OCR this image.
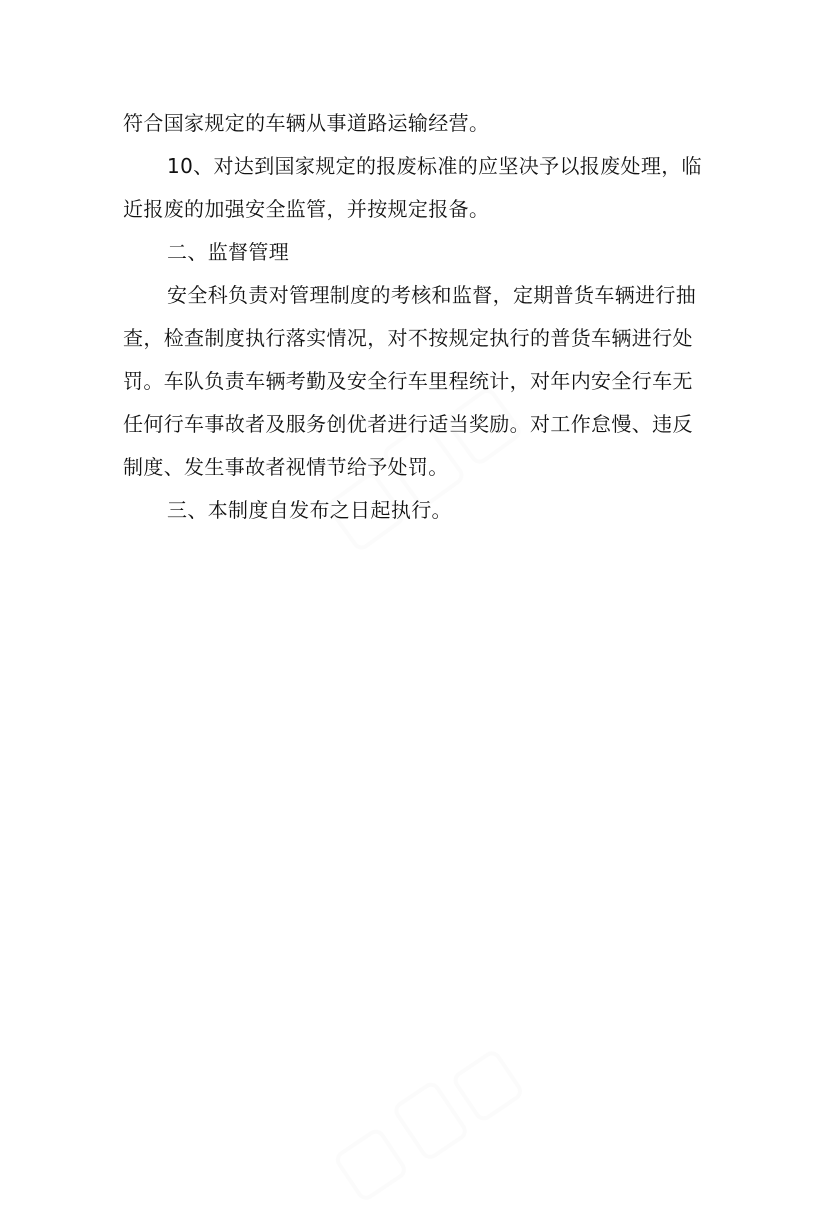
符合国家规定的车辆从事道路运输经营。

10、对达到国家规定的报废标准的应坚决予以报废处理，临近报废的加强安全监管，并按规定报备。

二、监督管理

安全科负责对管理制度的考核和监督，定期普货车辆进行抽查，检查制度执行落实情况，对不按规定执行的普货车辆进行处罚。车队负责车辆考勤及安全行车里程统计，对年内安全行车无任何行车事故者及服务创优者进行适当奖励。对工作怠慢、违反制度、发生事故者视情节给予处罚。

三、本制度自发布之日起执行。
